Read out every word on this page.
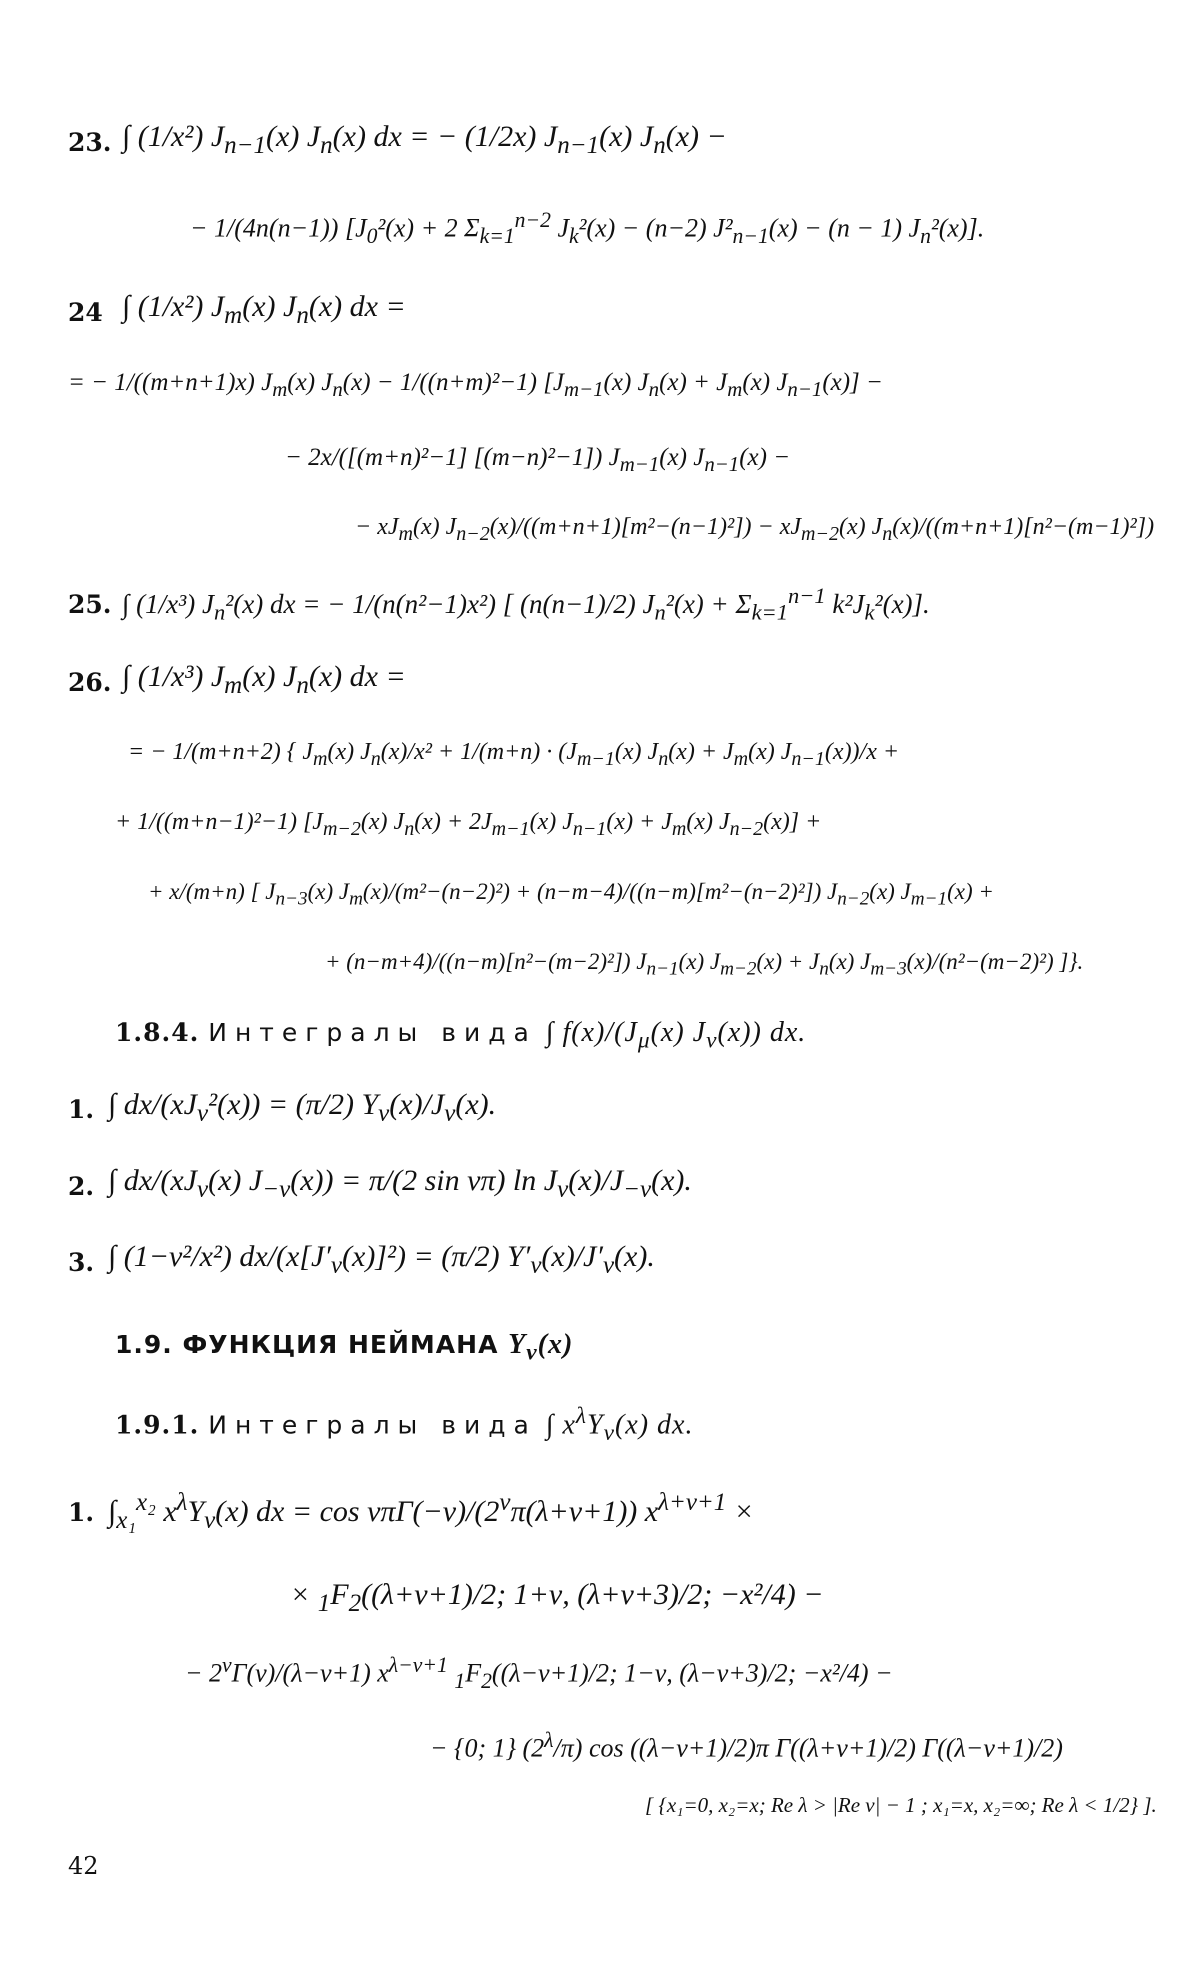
23. ∫ (1/x²) $J_{n-1}(x)$ $J_n(x)$ dx = − (1/2x) $J_{n-1}(x) J_n(x)$ −
− 1/(4n(n−1)) [$J_0^2(x) + 2$ $\Sigma_{k=1}^{n-2}$ $J_k^2(x) - (n-2) J^2_{n-1}(x) - (n - 1)$ $J_n^2(x)$].
24 ∫ (1/x²) $J_m(x)$ $J_n(x)$ dx =
= − 1/((m+n+1)x) $J_m(x) J_n(x) - 1/((n+m)^2-1)$ $[J_{m-1}(x) J_n(x) + J_m(x) J_{n-1}(x)]$ −
− 2x/([(m+n)²−1] [(m−n)²−1]) $J_{m-1}(x) J_{n-1}(x)$ −
− $xJ_m(x) J_{n-2}(x)/((m+n+1)[m^2-(n-1)^2]) - xJ_{m-2}(x)$ $J_n(x)/((m+n+1)[n^2-(m-1)^2])$
25. ∫ (1/x³) $J_n^2(x)$ dx = − 1/(n(n²−1)x²) [ (n(n−1)/2) $J_n^2(x) + \Sigma_{k=1}^{n-1}$ $k^2J_k^2(x)$].
26. ∫ (1/x³) $J_m(x)$ $J_n(x)$ dx =
= − 1/(m+n+2) { $J_m(x) J_n(x)/x^2 + 1/(m+n) \cdot (J_{m-1}(x) J_n(x) + J_m(x) J_{n-1}(x))/x$ +
+ 1/((m+n−1)²−1) $[J_{m-2}(x) J_n(x) + 2J_{m-1}(x) J_{n-1}(x) + J_m(x) J_{n-2}(x)]$ +
+ x/(m+n) [ $J_{n-3}(x) J_m(x)/(m^2-(n-2)^2) + (n-m-4)/((n-m)[m^2-(n-2)^2])$ $J_{n-2}(x) J_{m-1}(x)$ +
+ (n−m+4)/((n−m)[n²−(m−2)²]) $J_{n-1}(x) J_{m-2}(x) + J_n(x)$ $J_{m-3}(x)/(n^2-(m-2)^2)$ ]}.
1.8.4. Интегралы вида ∫ $f(x)/(J_\mu(x)$ $J_\nu(x)$) dx.
1. ∫ $dx/(xJ_\nu^2(x)) = (\pi/2)$ $Y_\nu(x)/J_\nu(x)$.
2. ∫ $dx/(xJ_\nu(x) J_{-\nu}(x)) = \pi/(2$ sin νπ) $\ln J_\nu(x)/J_{-\nu}(x)$.
3. ∫ (1−ν²/x²) $dx/(x[J'_\nu(x)]^2) = (\pi/2)$ $Y'_\nu(x)/J'_\nu(x)$.
1.9. ФУНКЦИЯ НЕЙМАНА $Y_\nu(x)$
1.9.1. Интегралы вида ∫ $x^\lambda Y_\nu(x)$ dx.
1. $\int_{x_1}^{x_2}$ $x^\lambda Y_\nu(x)$ dx = $\cos \nu\pi\Gamma(-\nu)/(2^\nu\pi(\lambda+\nu+1)) x^{\lambda+\nu+1}$ ×
× $_1F_2((\lambda+\nu+1)/2$; 1+ν, (λ+ν+3)/2; −x²/4) −
− $2^\nu\Gamma(\nu)/(\lambda-\nu+1)$ $x^{\lambda-\nu+1}$ $_1F_2((\lambda-\nu+1)/2$; 1−ν, (λ−ν+3)/2; −x²/4) −
− {0; 1} $(2^\lambda/\pi)$ cos ((λ−ν+1)/2)π Γ((λ+ν+1)/2) Γ((λ−ν+1)/2)
[ {x₁=0, x₂=x; Re λ > |Re ν| − 1 ; x₁=x, x₂=∞; Re λ < 1/2} ].
42
